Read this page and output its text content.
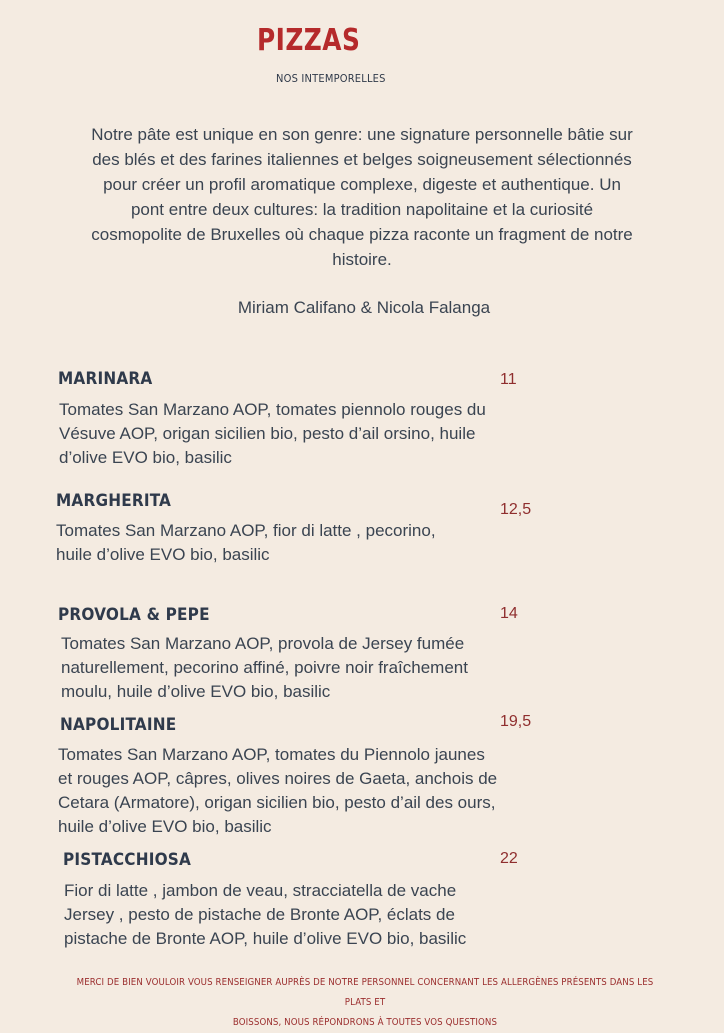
PIZZAS
NOS INTEMPORELLES
Notre pâte est unique en son genre: une signature personnelle bâtie sur
des blés et des farines italiennes et belges soigneusement sélectionnés
pour créer un profil aromatique complexe, digeste et authentique. Un
pont entre deux cultures: la tradition napolitaine et la curiosité
cosmopolite de Bruxelles où chaque pizza raconte un fragment de notre
histoire.
Miriam Califano & Nicola Falanga
MARINARA	11
Tomates San Marzano AOP, tomates piennolo rouges du
Vésuve AOP, origan sicilien bio, pesto d’ail orsino, huile
d’olive EVO bio, basilic
MARGHERITA	12,5
Tomates San Marzano AOP, fior di latte , pecorino,
huile d’olive EVO bio, basilic
PROVOLA & PEPE	14
Tomates San Marzano AOP, provola de Jersey fumée
naturellement, pecorino affiné, poivre noir fraîchement
moulu, huile d’olive EVO bio, basilic
NAPOLITAINE	19,5
Tomates San Marzano AOP, tomates du Piennolo jaunes
et rouges AOP, câpres, olives noires de Gaeta, anchois de
Cetara (Armatore), origan sicilien bio, pesto d’ail des ours,
huile d’olive EVO bio, basilic
PISTACCHIOSA	22
Fior di latte , jambon de veau, stracciatella de vache
Jersey , pesto de pistache de Bronte AOP, éclats de
pistache de Bronte AOP, huile d’olive EVO bio, basilic
MERCI DE BIEN VOULOIR VOUS RENSEIGNER AUPRÈS DE NOTRE PERSONNEL CONCERNANT LES ALLERGÈNES PRÉSENTS DANS LES PLATS ET
BOISSONS, NOUS RÉPONDRONS À TOUTES VOS QUESTIONS
